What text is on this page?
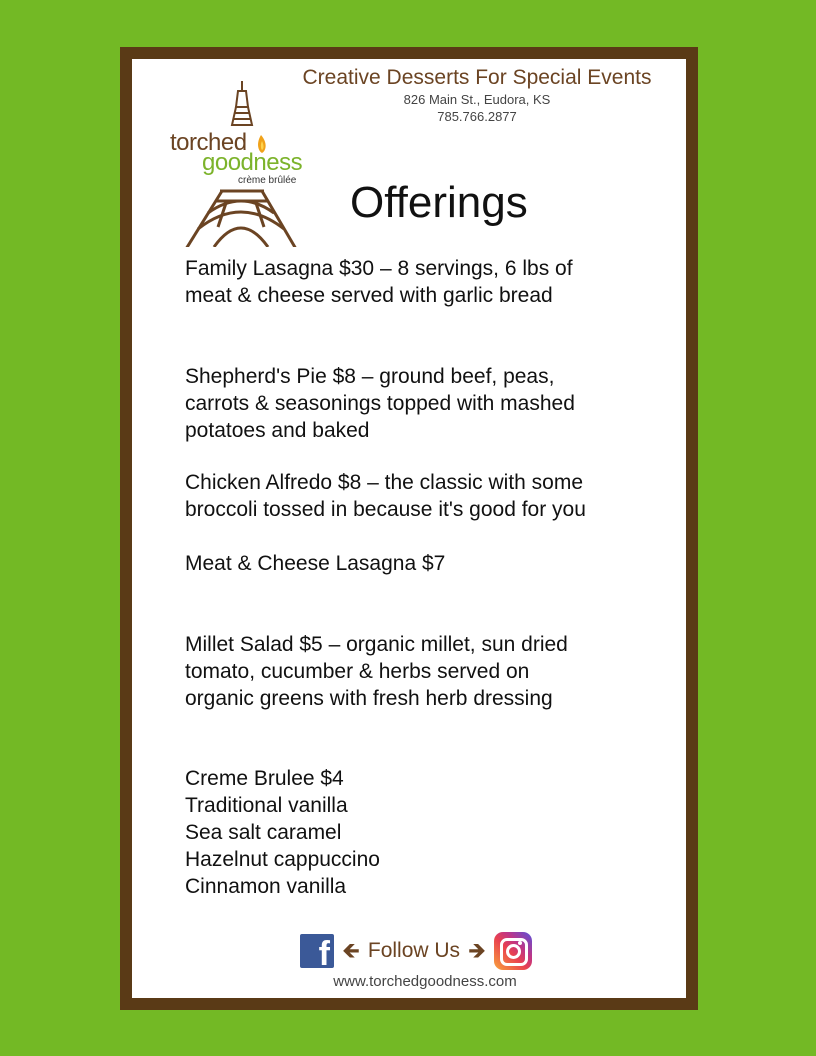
torched
goodness
crème brûlée
Creative Desserts For Special Events
826 Main St., Eudora, KS
785.766.2877
Offerings
Family Lasagna $30 – 8 servings, 6 lbs of
meat & cheese served with garlic bread
Shepherd's Pie $8 – ground beef, peas,
carrots & seasonings topped with mashed
potatoes and baked
Chicken Alfredo $8 – the classic with some
broccoli tossed in because it's good for you
Meat & Cheese Lasagna $7
Millet Salad $5 – organic millet, sun dried
tomato, cucumber & herbs served on
organic greens with fresh herb dressing
Creme Brulee $4
Traditional vanilla
Sea salt caramel
Hazelnut cappuccino
Cinnamon vanilla
f 🡸 Follow Us 🡺
www.torchedgoodness.com
